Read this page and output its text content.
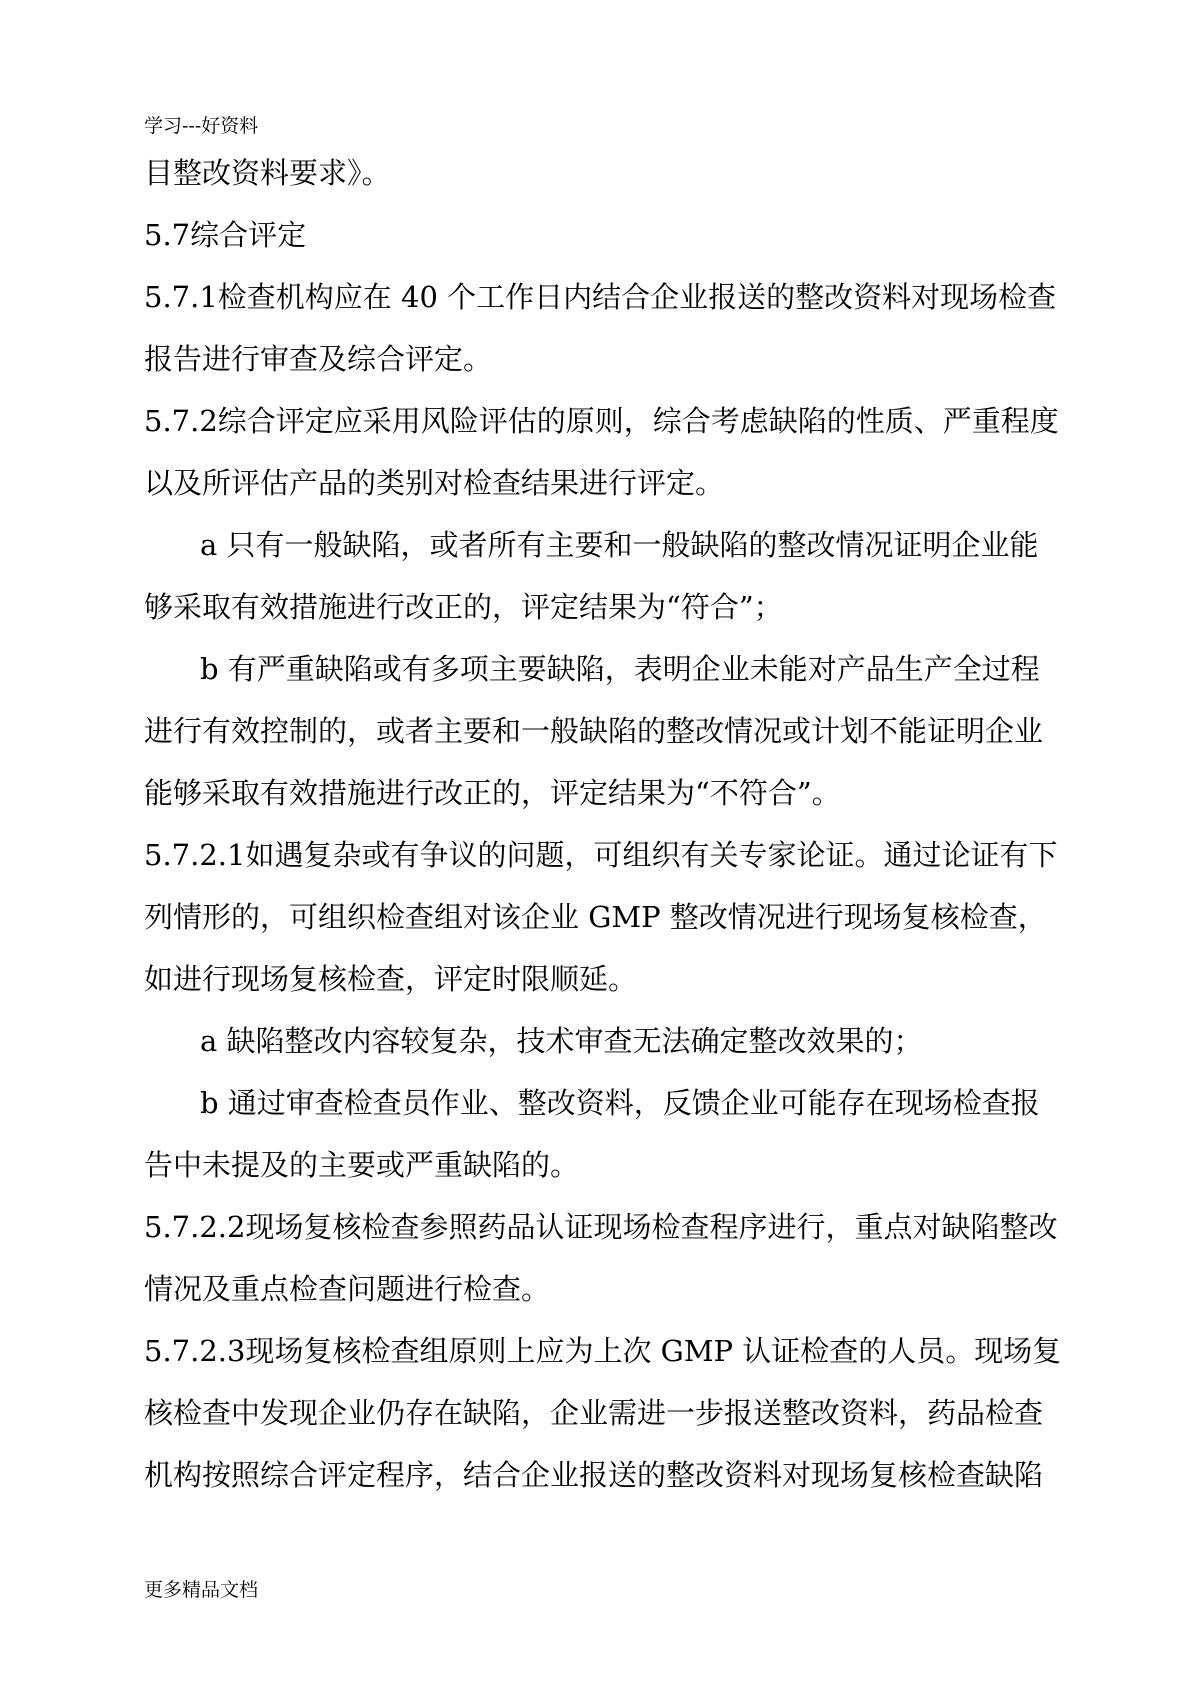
学习---好资料
目整改资料要求》。
5.7综合评定
5.7.1检查机构应在 40 个工作日内结合企业报送的整改资料对现场检查
报告进行审查及综合评定。
5.7.2综合评定应采用风险评估的原则，综合考虑缺陷的性质、严重程度
以及所评估产品的类别对检查结果进行评定。
a 只有一般缺陷，或者所有主要和一般缺陷的整改情况证明企业能
够采取有效措施进行改正的，评定结果为“符合”；
b 有严重缺陷或有多项主要缺陷，表明企业未能对产品生产全过程
进行有效控制的，或者主要和一般缺陷的整改情况或计划不能证明企业
能够采取有效措施进行改正的，评定结果为“不符合”。
5.7.2.1如遇复杂或有争议的问题，可组织有关专家论证。通过论证有下
列情形的，可组织检查组对该企业 GMP 整改情况进行现场复核检查，
如进行现场复核检查，评定时限顺延。
a 缺陷整改内容较复杂，技术审查无法确定整改效果的；
b 通过审查检查员作业、整改资料，反馈企业可能存在现场检查报
告中未提及的主要或严重缺陷的。
5.7.2.2现场复核检查参照药品认证现场检查程序进行，重点对缺陷整改
情况及重点检查问题进行检查。
5.7.2.3现场复核检查组原则上应为上次 GMP 认证检查的人员。现场复
核检查中发现企业仍存在缺陷，企业需进一步报送整改资料，药品检查
机构按照综合评定程序，结合企业报送的整改资料对现场复核检查缺陷
更多精品文档
